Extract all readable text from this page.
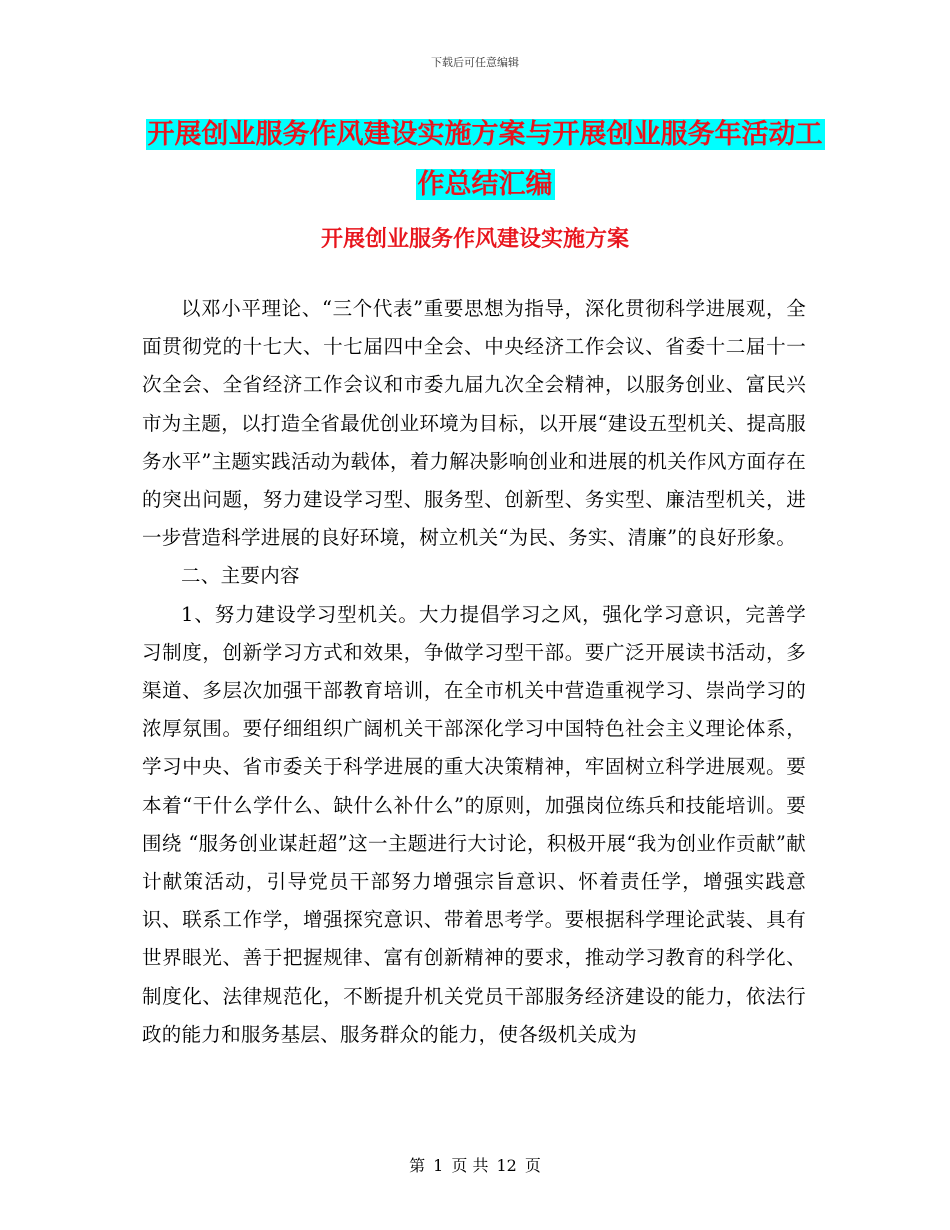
下载后可任意编辑
开展创业服务作风建设实施方案与开展创业服务年活动工作总结汇编
开展创业服务作风建设实施方案

以邓小平理论、“三个代表”重要思想为指导，深化贯彻科学进展观，全面贯彻党的十七大、十七届四中全会、中央经济工作会议、省委十二届十一次全会、全省经济工作会议和市委九届九次全会精神，以服务创业、富民兴市为主题，以打造全省最优创业环境为目标，以开展“建设五型机关、提高服务水平”主题实践活动为载体，着力解决影响创业和进展的机关作风方面存在的突出问题，努力建设学习型、服务型、创新型、务实型、廉洁型机关，进一步营造科学进展的良好环境，树立机关“为民、务实、清廉”的良好形象。

二、主要内容

1、努力建设学习型机关。大力提倡学习之风，强化学习意识，完善学习制度，创新学习方式和效果，争做学习型干部。要广泛开展读书活动，多渠道、多层次加强干部教育培训，在全市机关中营造重视学习、崇尚学习的浓厚氛围。要仔细组织广阔机关干部深化学习中国特色社会主义理论体系，学习中央、省市委关于科学进展的重大决策精神，牢固树立科学进展观。要本着“干什么学什么、缺什么补什么”的原则，加强岗位练兵和技能培训。要围绕 “服务创业谋赶超”这一主题进行大讨论，积极开展“我为创业作贡献”献计献策活动，引导党员干部努力增强宗旨意识、怀着责任学，增强实践意识、联系工作学，增强探究意识、带着思考学。要根据科学理论武装、具有世界眼光、善于把握规律、富有创新精神的要求，推动学习教育的科学化、制度化、法律规范化，不断提升机关党员干部服务经济建设的能力，依法行政的能力和服务基层、服务群众的能力，使各级机关成为

第 1 页 共 12 页
